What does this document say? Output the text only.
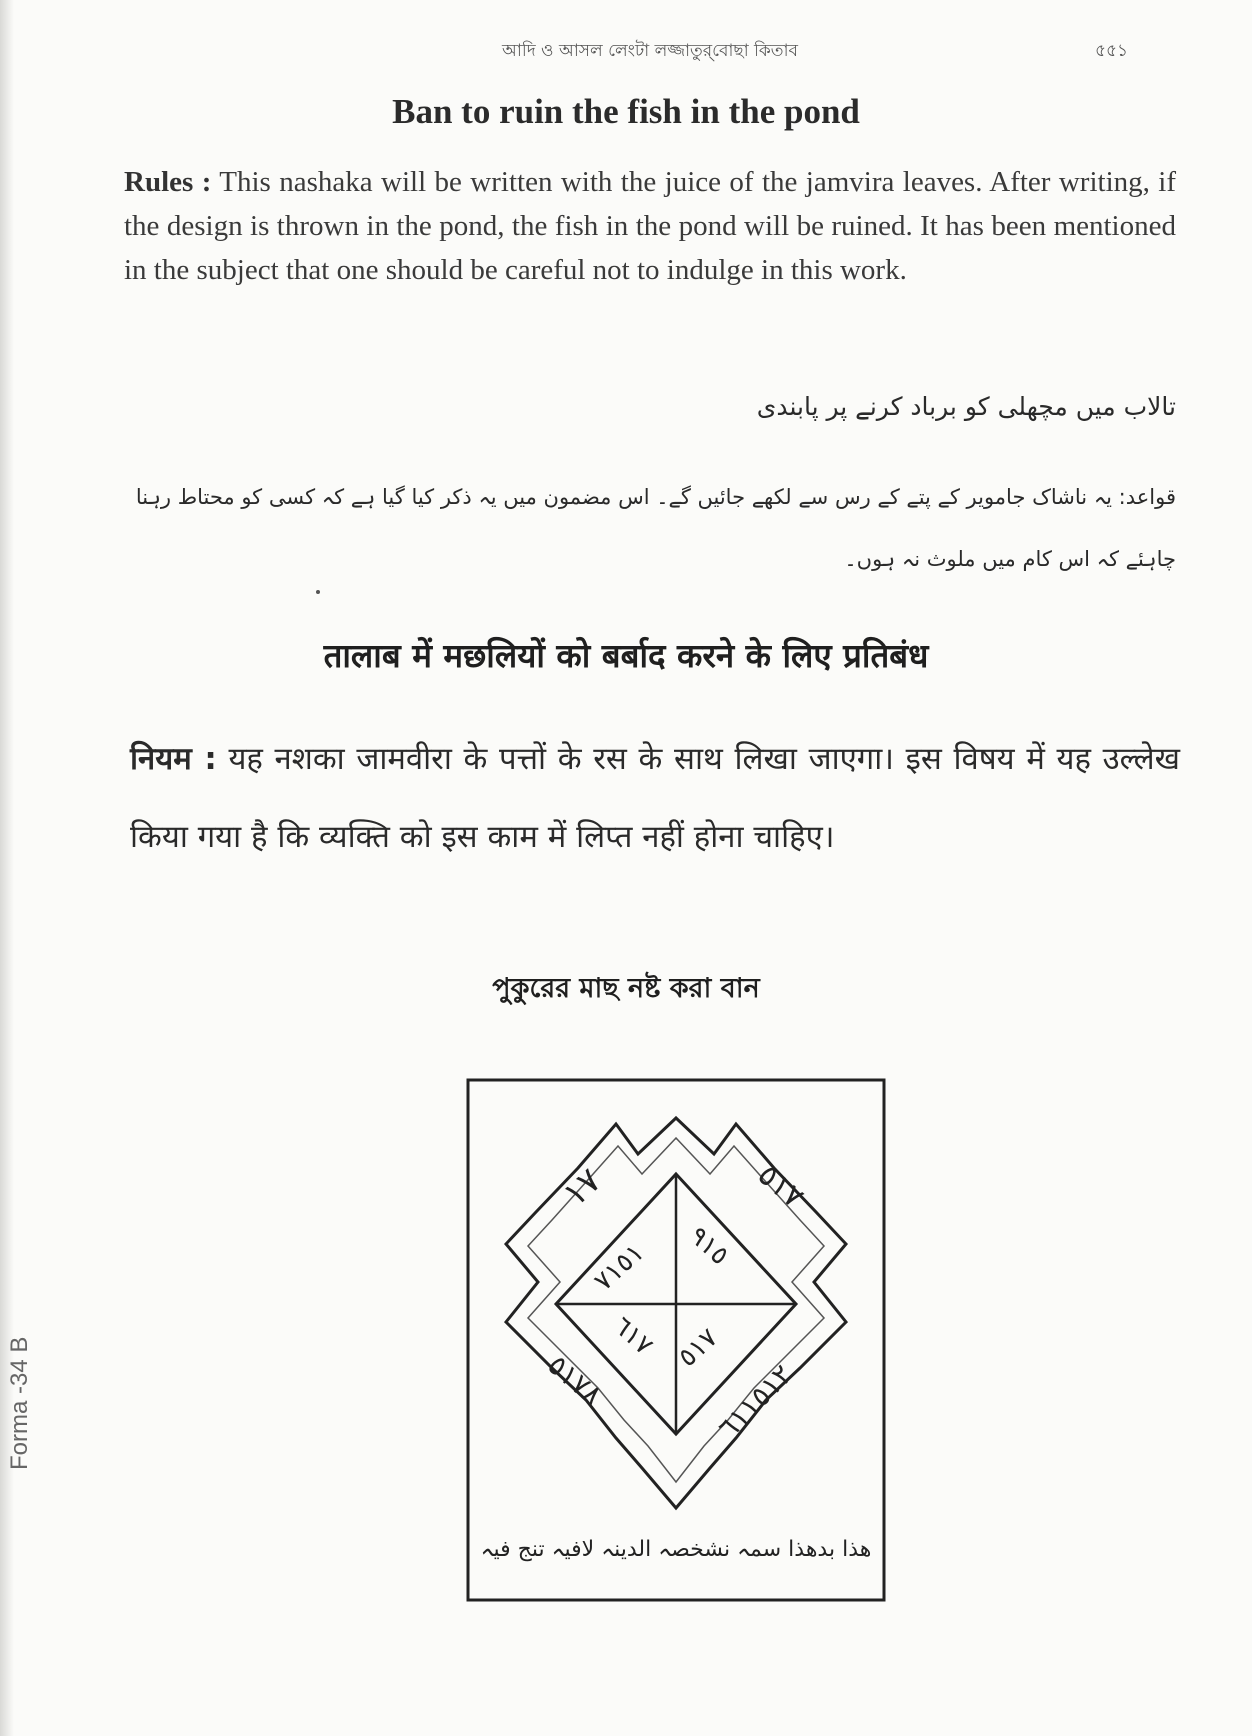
আদি ও আসল লেংটা লজ্জাতুর্‌বোছা কিতাব	৫৫১
Ban to ruin the fish in the pond
Rules : This nashaka will be written with the juice of the jamvira leaves. After writing, if the design is thrown in the pond, the fish in the pond will be ruined. It has been mentioned in the subject that one should be careful not to indulge in this work.
تالاب میں مچھلی کو برباد کرنے پر پابندی
قواعد: یہ ناشاک جامویر کے پتے کے رس سے لکھے جائیں گے۔ اس مضمون میں یہ ذکر کیا گیا ہے کہ کسی کو محتاط رہنا چاہئے کہ اس کام میں ملوث نہ ہوں۔
तालाब में मछलियों को बर्बाद करने के लिए प्रतिबंध
नियम : यह नशका जामवीरा के पत्तों के रस के साथ लिखा जाएगा। इस विषय में यह उल्लेख किया गया है कि व्यक्ति को इस काम में लिप्त नहीं होना चाहिए।
পুকুরের মাছ নষ্ট করা বান
١٧	٥١٧
٥١٧٨	٦١١٥١٢
٧١٥١ ٩١٥
٦١٧ ٥١٧
ھذا بدھذا سمہ نشخصہ الدینہ لافیہ تنج فیہ
Forma -34 B
